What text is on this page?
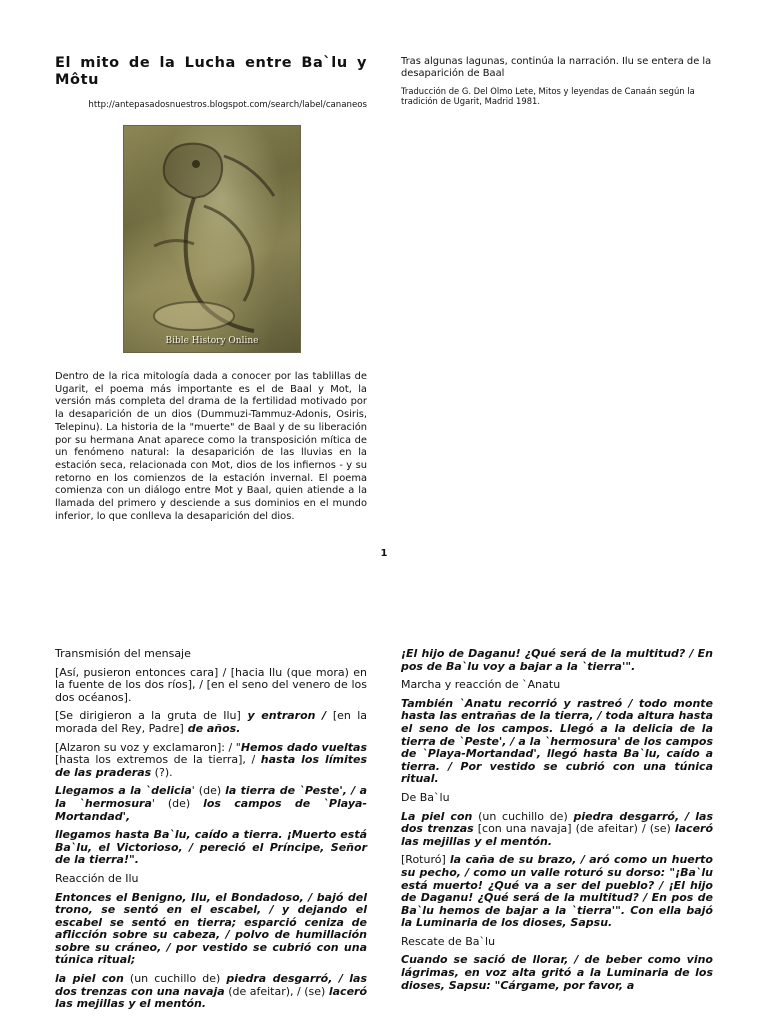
El mito de la Lucha entre Ba`lu y Môtu
http://antepasadosnuestros.blogspot.com/search/label/cananeos
Bible History Online

Dentro de la rica mitología dada a conocer por las tablillas de Ugarit, el poema más importante es el de Baal y Mot, la versión más completa del drama de la fertilidad motivado por la desaparición de un dios (Dummuzi-Tammuz-Adonis, Osiris, Telepinu). La historia de la "muerte" de Baal y de su liberación por su hermana Anat aparece como la transposición mítica de un fenómeno natural: la desaparición de las lluvias en la estación seca, relacionada con Mot, dios de los infiernos - y su retorno en los comienzos de la estación invernal. El poema comienza con un diálogo entre Mot y Baal, quien atiende a la llamada del primero y desciende a sus dominios en el mundo inferior, lo que conlleva la desaparición del dios.

Tras algunas lagunas, continúa la narración. Ilu se entera de la desaparición de Baal

Traducción de G. Del Olmo Lete, Mitos y leyendas de Canaán según la tradición de Ugarit, Madrid 1981.

1

Transmisión del mensaje

[Así, pusieron entonces cara] / [hacia Ilu (que mora) en la fuente de los dos ríos], / [en el seno del venero de los dos océanos].

[Se dirigieron a la gruta de Ilu] y entraron / [en la morada del Rey, Padre] de años.

[Alzaron su voz y exclamaron]: / "Hemos dado vueltas [hasta los extremos de la tierra], / hasta los límites de las praderas (?).

Llegamos a la `delicia' (de) la tierra de `Peste', / a la `hermosura' (de) los campos de `Playa-Mortandad',

llegamos hasta Ba`lu, caído a tierra. ¡Muerto está Ba`lu, el Victorioso, / pereció el Príncipe, Señor de la tierra!".

Reacción de Ilu

Entonces el Benigno, Ilu, el Bondadoso, / bajó del trono, se sentó en el escabel, / y dejando el escabel se sentó en tierra; esparció ceniza de aflicción sobre su cabeza, / polvo de humillación sobre su cráneo, / por vestido se cubrió con una túnica ritual;

la piel con (un cuchillo de) piedra desgarró, / las dos trenzas con una navaja (de afeitar), / (se) laceró las mejillas y el mentón.

¡El hijo de Daganu! ¿Qué será de la multitud? / En pos de Ba`lu voy a bajar a la `tierra'".

Marcha y reacción de `Anatu

También `Anatu recorrió y rastreó / todo monte hasta las entrañas de la tierra, / toda altura hasta el seno de los campos. Llegó a la delicia de la tierra de `Peste', / a la `hermosura' de los campos de `Playa-Mortandad', llegó hasta Ba`lu, caído a tierra. / Por vestido se cubrió con una túnica ritual.

De Ba`lu

La piel con (un cuchillo de) piedra desgarró, / las dos trenzas [con una navaja] (de afeitar) / (se) laceró las mejillas y el mentón.

[Roturó] la caña de su brazo, / aró como un huerto su pecho, / como un valle roturó su dorso: "¡Ba`lu está muerto! ¿Qué va a ser del pueblo? / ¡El hijo de Daganu! ¿Qué será de la multitud? / En pos de Ba`lu hemos de bajar a la `tierra'". Con ella bajó la Luminaria de los dioses, Sapsu.

Rescate de Ba`lu

Cuando se sació de llorar, / de beber como vino lágrimas, en voz alta gritó a la Luminaria de los dioses, Sapsu: "Cárgame, por favor, a
